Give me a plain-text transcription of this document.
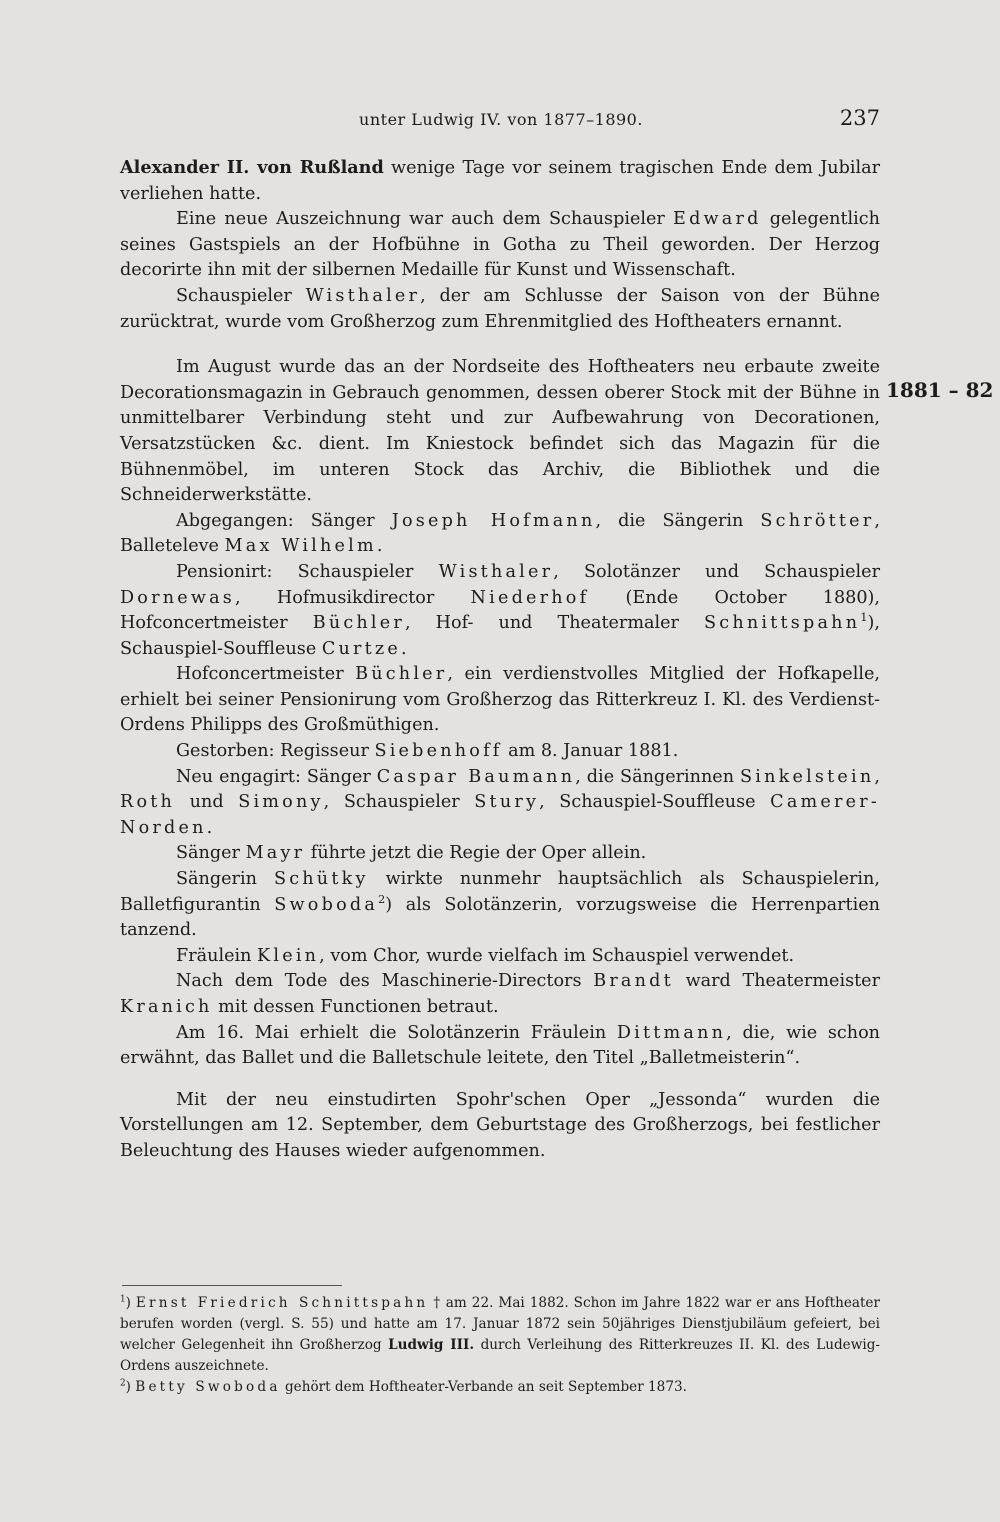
unter Ludwig IV. von 1877–1890.	237
1881 – 82

Alexander II. von Rußland wenige Tage vor seinem tragischen Ende dem Jubilar verliehen hatte.

Eine neue Auszeichnung war auch dem Schauspieler Edward gelegentlich seines Gastspiels an der Hofbühne in Gotha zu Theil geworden. Der Herzog decorirte ihn mit der silbernen Medaille für Kunst und Wissenschaft.

Schauspieler Wisthaler, der am Schlusse der Saison von der Bühne zurücktrat, wurde vom Großherzog zum Ehrenmitglied des Hoftheaters ernannt.

Im August wurde das an der Nordseite des Hoftheaters neu erbaute zweite Decorationsmagazin in Gebrauch genommen, dessen oberer Stock mit der Bühne in unmittelbarer Verbindung steht und zur Aufbewahrung von Decorationen, Versatzstücken &c. dient. Im Kniestock befindet sich das Magazin für die Bühnenmöbel, im unteren Stock das Archiv, die Bibliothek und die Schneiderwerkstätte.

Abgegangen: Sänger Joseph Hofmann, die Sängerin Schrötter, Balleteleve Max Wilhelm.

Pensionirt: Schauspieler Wisthaler, Solotänzer und Schauspieler Dornewas, Hofmusikdirector Niederhof (Ende October 1880), Hofconcertmeister Büchler, Hof- und Theatermaler Schnittspahn$^1$), Schauspiel-Souffleuse Curtze.

Hofconcertmeister Büchler, ein verdienstvolles Mitglied der Hofkapelle, erhielt bei seiner Pensionirung vom Großherzog das Ritterkreuz I. Kl. des Verdienst-Ordens Philipps des Großmüthigen.

Gestorben: Regisseur Siebenhoff am 8. Januar 1881.

Neu engagirt: Sänger Caspar Baumann, die Sängerinnen Sinkelstein, Roth und Simony, Schauspieler Stury, Schauspiel-Souffleuse Camerer-Norden.

Sänger Mayr führte jetzt die Regie der Oper allein.

Sängerin Schütky wirkte nunmehr hauptsächlich als Schauspielerin, Balletfigurantin Swoboda$^2$) als Solotänzerin, vorzugsweise die Herrenpartien tanzend.

Fräulein Klein, vom Chor, wurde vielfach im Schauspiel verwendet.

Nach dem Tode des Maschinerie-Directors Brandt ward Theatermeister Kranich mit dessen Functionen betraut.

Am 16. Mai erhielt die Solotänzerin Fräulein Dittmann, die, wie schon erwähnt, das Ballet und die Balletschule leitete, den Titel „Balletmeisterin“.

Mit der neu einstudirten Spohr'schen Oper „Jessonda“ wurden die Vorstellungen am 12. September, dem Geburtstage des Großherzogs, bei festlicher Beleuchtung des Hauses wieder aufgenommen.

$^1$) Ernst Friedrich Schnittspahn † am 22. Mai 1882. Schon im Jahre 1822 war er ans Hoftheater berufen worden (vergl. S. 55) und hatte am 17. Januar 1872 sein 50jähriges Dienstjubiläum gefeiert, bei welcher Gelegenheit ihn Großherzog Ludwig III. durch Verleihung des Ritterkreuzes II. Kl. des Ludewig-Ordens auszeichnete.

$^2$) Betty Swoboda gehört dem Hoftheater-Verbande an seit September 1873.
